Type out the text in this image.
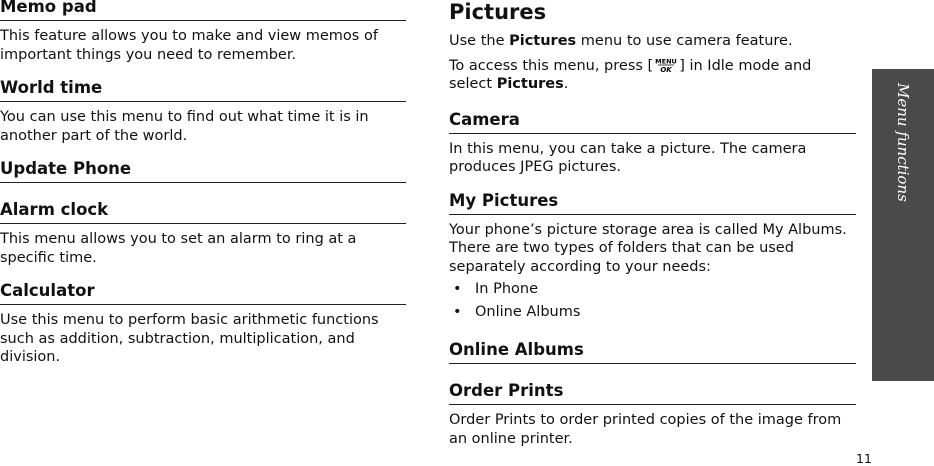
Memo pad

This feature allows you to make and view memos of important things you need to remember.

World time

You can use this menu to find out what time it is in another part of the world.

Update Phone
Alarm clock

This menu allows you to set an alarm to ring at a specific time.

Calculator

Use this menu to perform basic arithmetic functions such as addition, subtraction, multiplication, and division.

Pictures

Use the Pictures menu to use camera feature.

To access this menu, press [ MENU
OK ] in Idle mode and select Pictures.

Camera

In this menu, you can take a picture. The camera produces JPEG pictures.

My Pictures

Your phone’s picture storage area is called My Albums. There are two types of folders that can be used separately according to your needs:

• In Phone
• Online Albums
Online Albums
Order Prints

Order Prints to order printed copies of the image from an online printer.

Menu functions
11
